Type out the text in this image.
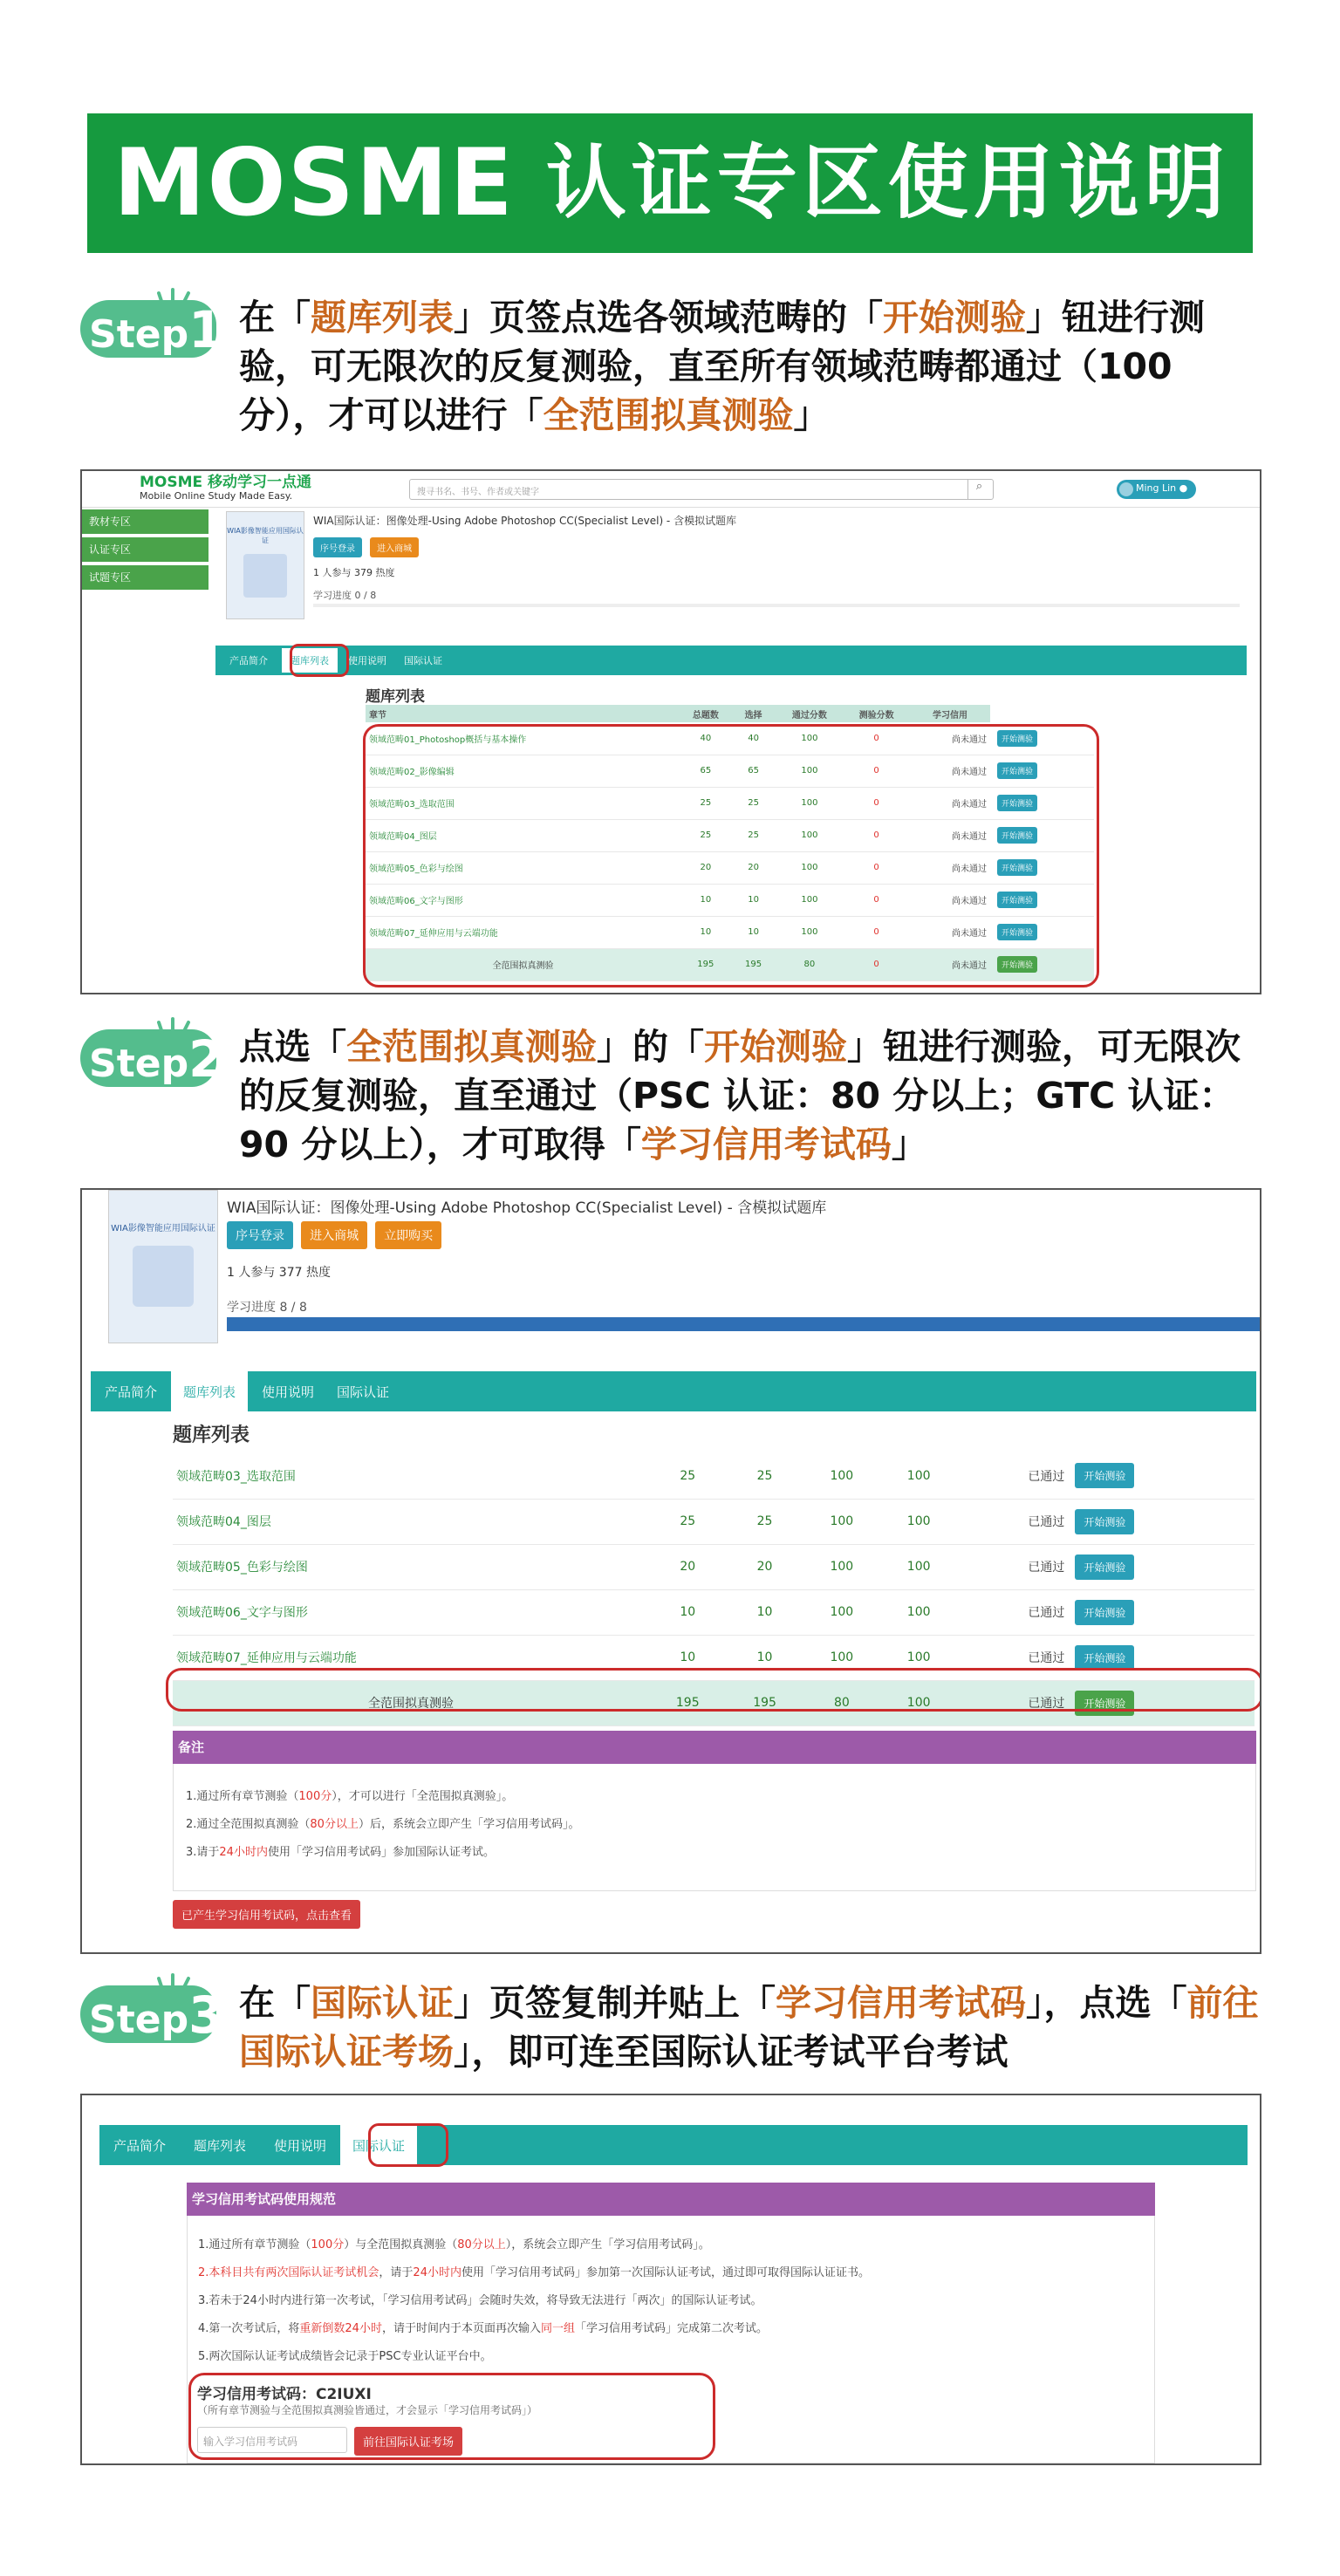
MOSME 认证专区使用说明
Step1 在「题库列表」页签点选各领域范畴的「开始测验」钮进行测验，可无限次的反复测验，直至所有领域范畴都通过（100 分），才可以进行「全范围拟真测验」
MOSME 移动学习一点通
Mobile Online Study Made Easy.	搜寻书名、书号、作者或关键字	⌕	Ming Lin ●
教材专区
认证专区
试题专区
WIA影像智能应用国际认证
WIA国际认证：图像处理-Using Adobe Photoshop CC(Specialist Level) - 含模拟试题库
序号登录	进入商城
1 人参与 379 热度
学习进度 0 / 8
产品简介	题库列表	使用说明	国际认证
题库列表
章节	总题数	选择	通过分数	测验分数	学习信用	
领域范畴01_Photoshop概括与基本操作	40	40	100	0	尚未通过	开始测验
领域范畴02_影像编辑	65	65	100	0	尚未通过	开始测验
领域范畴03_选取范围	25	25	100	0	尚未通过	开始测验
领域范畴04_图层	25	25	100	0	尚未通过	开始测验
领域范畴05_色彩与绘图	20	20	100	0	尚未通过	开始测验
领域范畴06_文字与图形	10	10	100	0	尚未通过	开始测验
领域范畴07_延伸应用与云端功能	10	10	100	0	尚未通过	开始测验
全范围拟真测验	195	195	80	0	尚未通过	开始测验
Step2 点选「全范围拟真测验」的「开始测验」钮进行测验，可无限次的反复测验，直至通过（PSC 认证：80 分以上；GTC 认证：90 分以上），才可取得「学习信用考试码」
WIA影像智能应用国际认证
WIA国际认证：图像处理-Using Adobe Photoshop CC(Specialist Level) - 含模拟试题库
序号登录 进入商城 立即购买
1 人参与 377 热度
学习进度 8 / 8
产品简介	题库列表	使用说明	国际认证
题库列表
领域范畴03_选取范围	25	25	100	100	已通过	开始测验
领域范畴04_图层	25	25	100	100	已通过	开始测验
领域范畴05_色彩与绘图	20	20	100	100	已通过	开始测验
领域范畴06_文字与图形	10	10	100	100	已通过	开始测验
领域范畴07_延伸应用与云端功能	10	10	100	100	已通过	开始测验
全范围拟真测验	195	195	80	100	已通过	开始测验
备注
1.通过所有章节测验（100分），才可以进行「全范围拟真测验」。
2.通过全范围拟真测验（80分以上）后，系统会立即产生「学习信用考试码」。
3.请于24小时内使用「学习信用考试码」参加国际认证考试。
已产生学习信用考试码，点击查看
Step3 在「国际认证」页签复制并贴上「学习信用考试码」，点选「前往国际认证考场」，即可连至国际认证考试平台考试
产品简介	题库列表	使用说明	国际认证
学习信用考试码使用规范
1.通过所有章节测验（100分）与全范围拟真测验（80分以上），系统会立即产生「学习信用考试码」。
2.本科目共有两次国际认证考试机会，请于24小时内使用「学习信用考试码」参加第一次国际认证考试，通过即可取得国际认证证书。
3.若未于24小时内进行第一次考试，「学习信用考试码」会随时失效，将导致无法进行「两次」的国际认证考试。
4.第一次考试后，将重新倒数24小时，请于时间内于本页面再次输入同一组「学习信用考试码」完成第二次考试。
5.两次国际认证考试成绩皆会记录于PSC专业认证平台中。
学习信用考试码：C2IUXI
（所有章节测验与全范围拟真测验皆通过，才会显示「学习信用考试码」）
输入学习信用考试码	前往国际认证考场
